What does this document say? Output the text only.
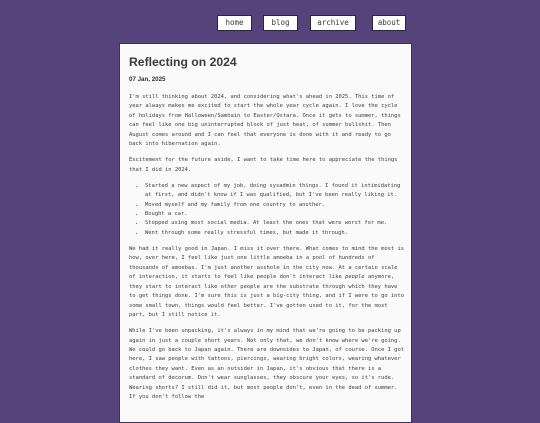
home	blog	archive	about
Reflecting on 2024
07 Jan, 2025

I'm still thinking about 2024, and considering what's ahead in 2025. This time of year always makes me excited to start the whole year cycle again. I love the cycle of holidays from Halloween/Samhain to Easter/Ostara. Once it gets to summer, things can feel like one big uninterrupted block of just heat, of summer bullshit. Then August comes around and I can feel that everyone is done with it and ready to go back into hibernation again.

Excitement for the future aside, I want to take time here to appreciate the things that I did in 2024.

• Started a new aspect of my job, doing sysadmin things. I found it intimidating at first, and didn't know if I was qualified, but I've been really liking it.
• Moved myself and my family from one country to another.
• Bought a car.
• Stopped using most social media. At least the ones that were worst for me.
• Went through some really stressful times, but made it through.

We had it really good in Japan. I miss it over there. What comes to mind the most is how, over here, I feel like just one little amoeba in a pool of hundreds of thousands of amoebas. I'm just another asshole in the city now. At a certain scale of interaction, it starts to feel like people don't interact like people anymore, they start to interact like other people are the substrate through which they have to get things done. I'm sure this is just a big-city thing, and if I were to go into some small town, things would feel better. I've gotten used to it, for the most part, but I still notice it.

While I've been unpacking, it's always in my mind that we're going to be packing up again in just a couple short years. Not only that, we don't know where we're going. We could go back to Japan again. There are downsides to Japan, of course. Once I got here, I saw people with tattoos, piercings, wearing bright colors, wearing whatever clothes they want. Even as an outsider in Japan, it's obvious that there is a standard of decorum. Don't wear sunglasses, they obscure your eyes, so it's rude. Wearing shorts? I still did it, but most people don't, even in the dead of summer. If you don't follow the
